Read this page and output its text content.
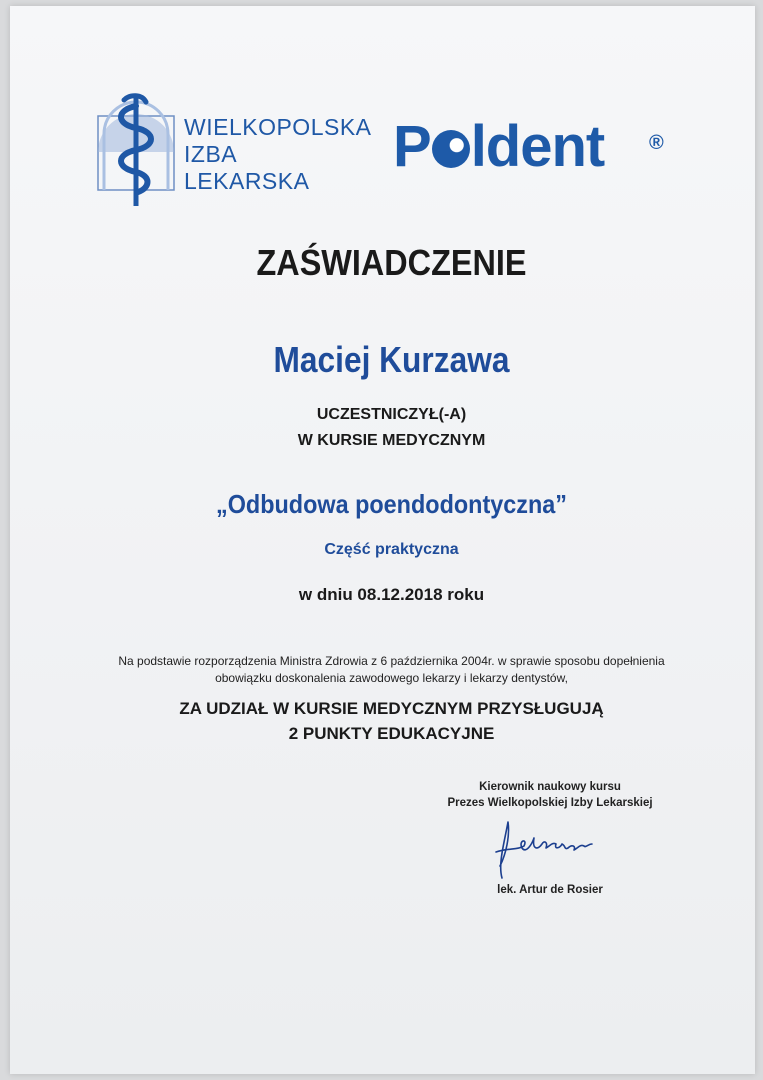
WIELKOPOLSKA
IZBA
LEKARSKA
P ldent ®
ZAŚWIADCZENIE
Maciej Kurzawa
UCZESTNICZYŁ(-A)
W KURSIE MEDYCZNYM
„Odbudowa poendodontyczna”
Część praktyczna
w dniu 08.12.2018 roku
Na podstawie rozporządzenia Ministra Zdrowia z 6 października 2004r. w sprawie sposobu dopełnienia
obowiązku doskonalenia zawodowego lekarzy i lekarzy dentystów,
ZA UDZIAŁ W KURSIE MEDYCZNYM PRZYSŁUGUJĄ
2 PUNKTY EDUKACYJNE
Kierownik naukowy kursu
Prezes Wielkopolskiej Izby Lekarskiej
lek. Artur de Rosier
